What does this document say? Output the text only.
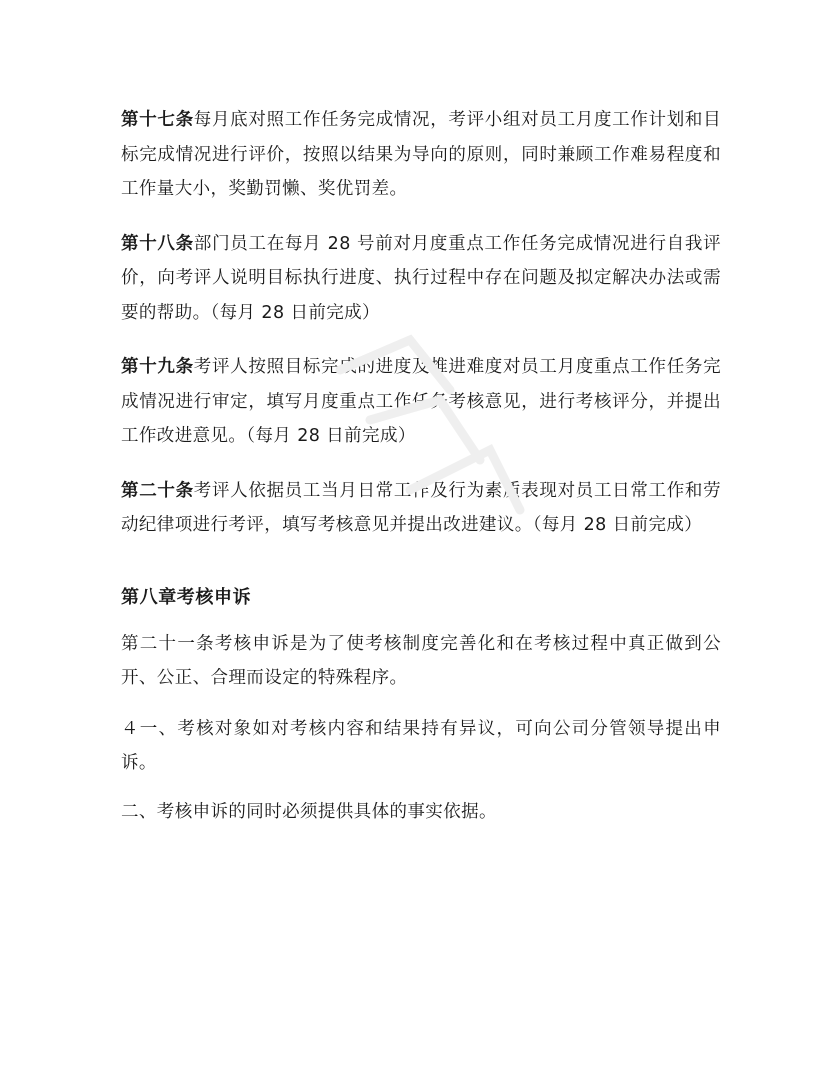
第十七条每月底对照工作任务完成情况，考评小组对员工月度工作计划和目标完成情况进行评价，按照以结果为导向的原则，同时兼顾工作难易程度和工作量大小，奖勤罚懒、奖优罚差。

第十八条部门员工在每月 28 号前对月度重点工作任务完成情况进行自我评价，向考评人说明目标执行进度、执行过程中存在问题及拟定解决办法或需要的帮助。（每月 28 日前完成）

第十九条考评人按照目标完成的进度及推进难度对员工月度重点工作任务完成情况进行审定，填写月度重点工作任务考核意见，进行考核评分，并提出工作改进意见。（每月 28 日前完成）

第二十条考评人依据员工当月日常工作及行为素质表现对员工日常工作和劳动纪律项进行考评，填写考核意见并提出改进建议。（每月 28 日前完成）

第八章考核申诉

第二十一条考核申诉是为了使考核制度完善化和在考核过程中真正做到公开、公正、合理而设定的特殊程序。

４一、考核对象如对考核内容和结果持有异议，可向公司分管领导提出申诉。

二、考核申诉的同时必须提供具体的事实依据。
